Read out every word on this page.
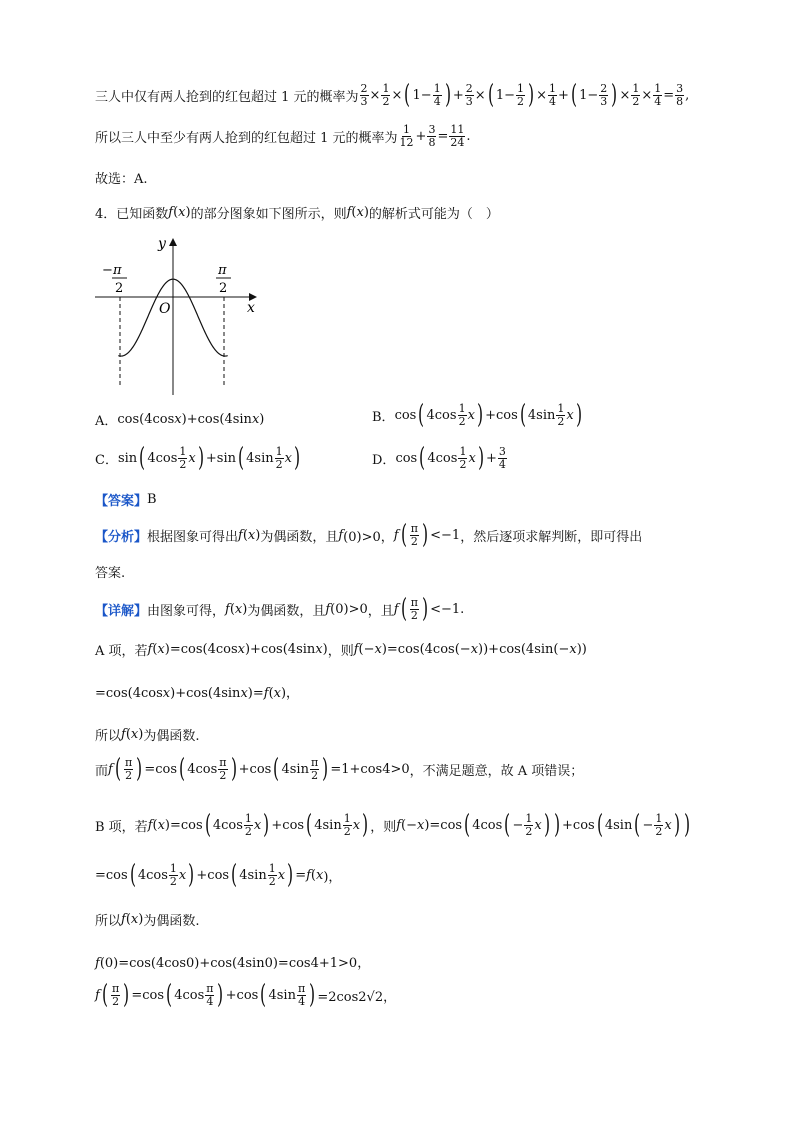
三人中仅有两人抢到的红包超过 1 元的概率为 $\frac{2}{3} \times \frac{1}{2}$ × ( $1- \frac{1}{4}$ ) + $\frac{2}{3}$ × ( $1- \frac{1}{2}$ ) × $\frac{1}{4}$ + ( $1- \frac{2}{3}$ ) × $\frac{1}{2} \times \frac{1}{4} = \frac{3}{8}$ ,
所以三人中至少有两人抢到的红包超过 1 元的概率为 $\frac{1}{12} + \frac{3}{8} = \frac{11}{24}$ .
故选：A.
4．已知函数 f(x) 的部分图象如下图所示，则 f(x) 的解析式可能为（　）
x
y
O
− π
2
π
2
A． cos(4cosx)+cos(4sinx)	B． cos ( $4\cos \frac{1}{2}$ x ) +cos ( $4\sin \frac{1}{2}$ x )
C． sin ( $4\cos \frac{1}{2}$ x ) +sin ( $4\sin \frac{1}{2}$ x )	D． cos ( $4\cos \frac{1}{2}$ x ) + $\frac{3}{4}$
【答案】 B
【分析】 根据图象可得出 f(x) 为偶函数，且 f (0)>0， f ( $\frac{\pi}{2}$ ) <−1 ，然后逐项求解判断，即可得出
答案.
【详解】 由图象可得， f(x) 为偶函数，且 f(0)>0 ，且 f ( $\frac{\pi}{2}$ ) <−1.
A 项，若 f(x)=cos(4cosx)+cos(4sinx) ，则 f(−x)=cos(4cos(−x))+cos(4sin(−x))
=cos(4cosx)+cos(4sinx)=f(x)，
所以 f(x) 为偶函数.
而 f ( $\frac{\pi}{2}$ ) =cos ( $4\cos \frac{\pi}{2}$ ) +cos ( $4\sin \frac{\pi}{2}$ ) =1+cos4>0 ，不满足题意，故 A 项错误；
B 项，若 f ( x )=cos ( $4\cos \frac{1}{2}$ x ) +cos ( $4\sin \frac{1}{2}$ x ) ，则 f (− x )=cos ( 4cos ( − $\frac{1}{2}$ x ) ) +cos ( 4sin ( − $\frac{1}{2}$ x ) )
=cos ( $4\cos \frac{1}{2}$ x ) +cos ( $4\sin \frac{1}{2}$ x ) = f ( x )，
所以 f(x) 为偶函数.
f(0)=cos(4cos0)+cos(4sin0)=cos4+1>0，
f ( $\frac{\pi}{2}$ ) =cos ( $4\cos \frac{\pi}{4}$ ) +cos ( $4\sin \frac{\pi}{4}$ ) =2cos2√2，
